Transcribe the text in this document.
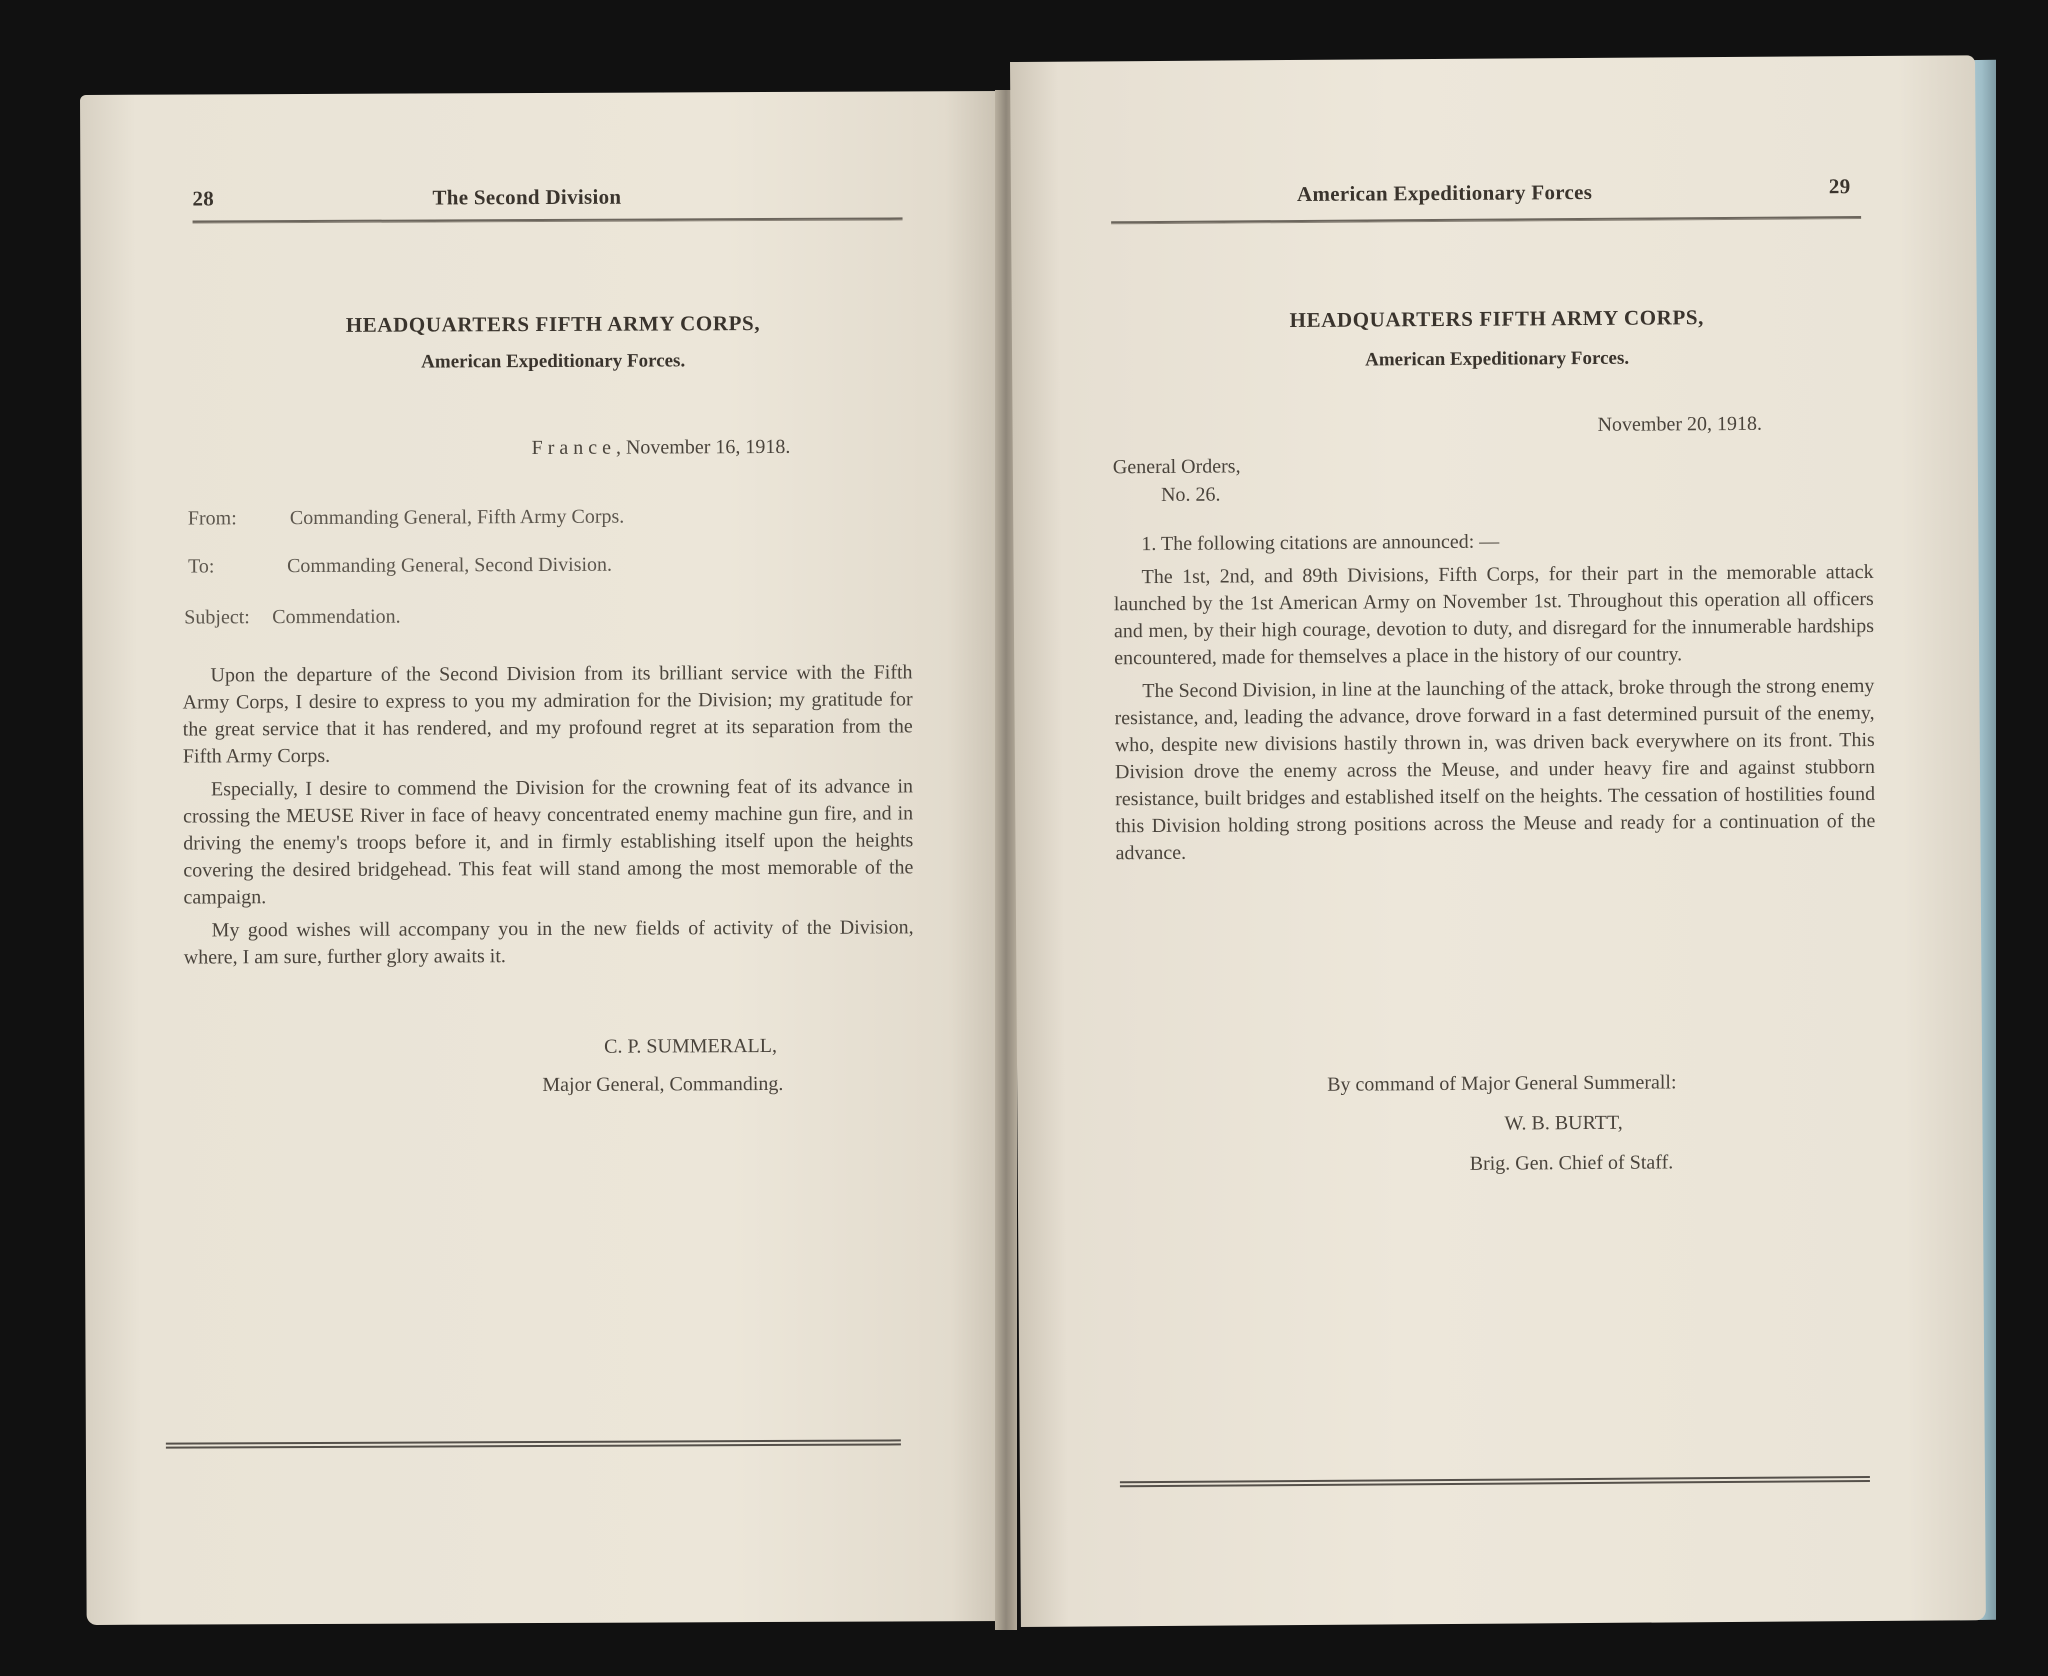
28	The Second Division
HEADQUARTERS FIFTH ARMY CORPS,
American Expeditionary Forces.
F r a n c e , November 16, 1918.
From:	Commanding General, Fifth Army Corps.
To:	Commanding General, Second Division.
Subject: Commendation.

Upon the departure of the Second Division from its brilliant service with the Fifth Army Corps, I desire to express to you my admiration for the Division; my gratitude for the great service that it has rendered, and my profound regret at its separation from the Fifth Army Corps.

Especially, I desire to commend the Division for the crowning feat of its advance in crossing the MEUSE River in face of heavy concentrated enemy machine gun fire, and in driving the enemy's troops before it, and in firmly establishing itself upon the heights covering the desired bridgehead. This feat will stand among the most memorable of the campaign.

My good wishes will accompany you in the new fields of activity of the Division, where, I am sure, further glory awaits it.

C. P. SUMMERALL,
Major General, Commanding.
American Expeditionary Forces	29
HEADQUARTERS FIFTH ARMY CORPS,
American Expeditionary Forces.
November 20, 1918.
General Orders,
No. 26.

1. The following citations are announced: —

The 1st, 2nd, and 89th Divisions, Fifth Corps, for their part in the memorable attack launched by the 1st American Army on November 1st. Throughout this operation all officers and men, by their high courage, devotion to duty, and disregard for the innumerable hardships encountered, made for themselves a place in the history of our country.

The Second Division, in line at the launching of the attack, broke through the strong enemy resistance, and, leading the advance, drove forward in a fast determined pursuit of the enemy, who, despite new divisions hastily thrown in, was driven back everywhere on its front. This Division drove the enemy across the Meuse, and under heavy fire and against stubborn resistance, built bridges and established itself on the heights. The cessation of hostilities found this Division holding strong positions across the Meuse and ready for a continuation of the advance.

By command of Major General Summerall:
W. B. BURTT,
Brig. Gen. Chief of Staff.
